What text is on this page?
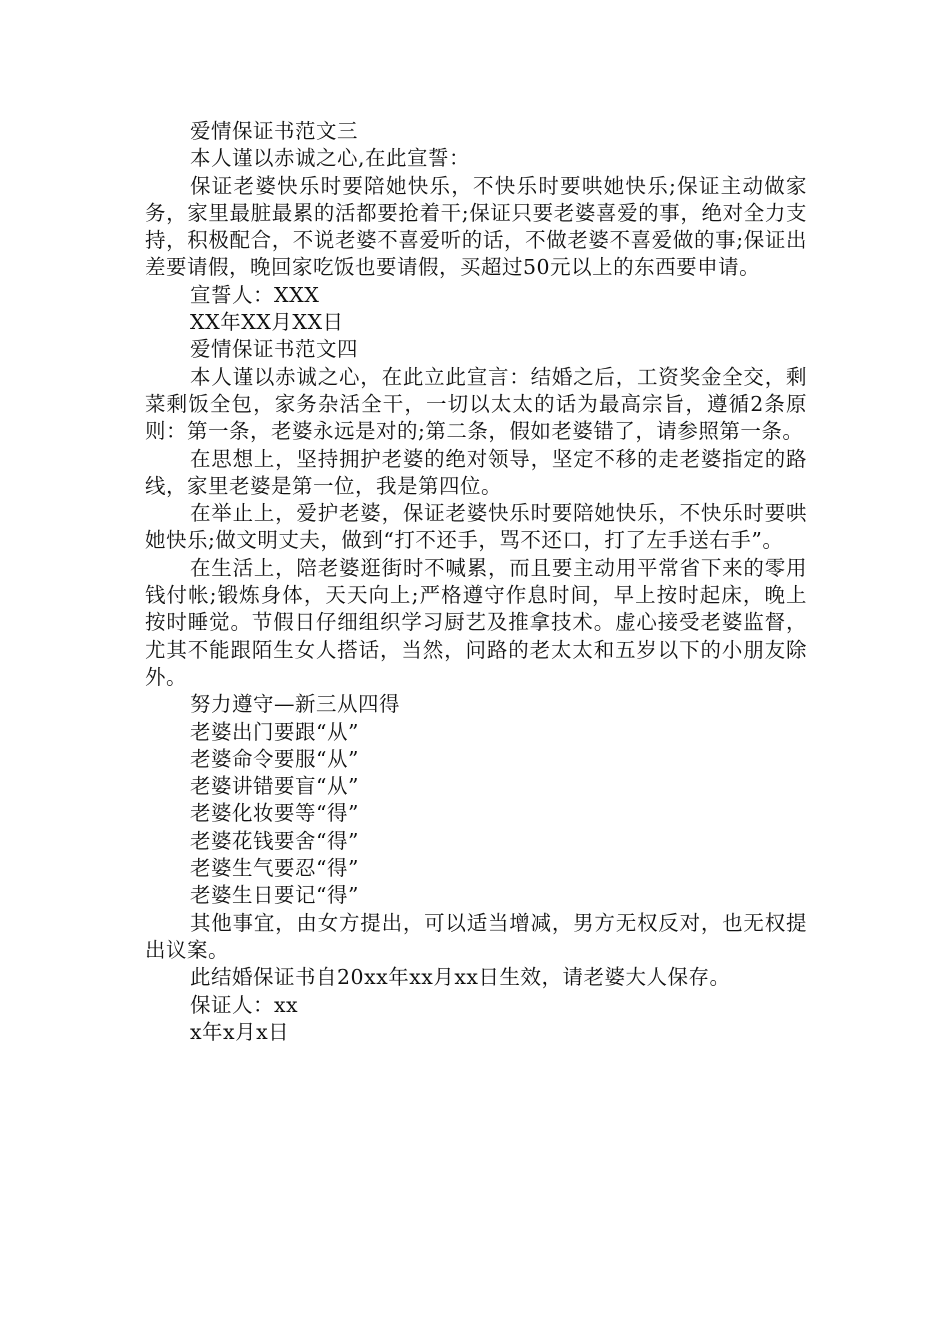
爱情保证书范文三

本人谨以赤诚之心,在此宣誓：

保证老婆快乐时要陪她快乐，不快乐时要哄她快乐;保证主动做家务，家里最脏最累的活都要抢着干;保证只要老婆喜爱的事，绝对全力支持，积极配合，不说老婆不喜爱听的话，不做老婆不喜爱做的事;保证出差要请假，晚回家吃饭也要请假，买超过50元以上的东西要申请。

宣誓人：XXX

XX年XX月XX日

爱情保证书范文四

本人谨以赤诚之心，在此立此宣言：结婚之后，工资奖金全交，剩菜剩饭全包，家务杂活全干，一切以太太的话为最高宗旨，遵循2条原则：第一条，老婆永远是对的;第二条，假如老婆错了，请参照第一条。

在思想上，坚持拥护老婆的绝对领导，坚定不移的走老婆指定的路线，家里老婆是第一位，我是第四位。

在举止上，爱护老婆，保证老婆快乐时要陪她快乐，不快乐时要哄她快乐;做文明丈夫，做到“打不还手，骂不还口，打了左手送右手”。

在生活上，陪老婆逛街时不喊累，而且要主动用平常省下来的零用钱付帐;锻炼身体，天天向上;严格遵守作息时间，早上按时起床，晚上按时睡觉。节假日仔细组织学习厨艺及推拿技术。虚心接受老婆监督，尤其不能跟陌生女人搭话，当然，问路的老太太和五岁以下的小朋友除外。

努力遵守—新三从四得

老婆出门要跟“从”

老婆命令要服“从”

老婆讲错要盲“从”

老婆化妆要等“得”

老婆花钱要舍“得”

老婆生气要忍“得”

老婆生日要记“得”

其他事宜，由女方提出，可以适当增减，男方无权反对，也无权提出议案。

此结婚保证书自20xx年xx月xx日生效，请老婆大人保存。

保证人：xx

x年x月x日
